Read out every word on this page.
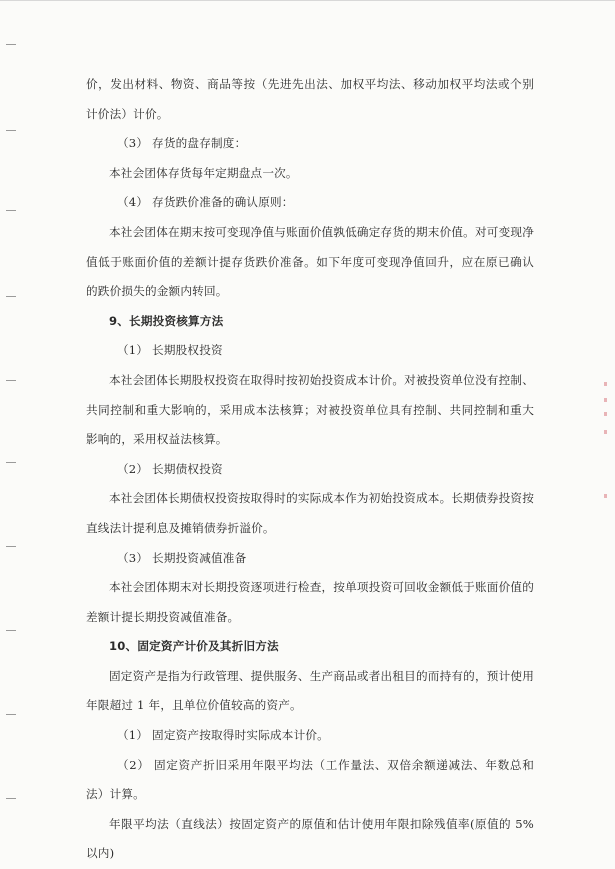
价，发出材料、物资、商品等按（先进先出法、加权平均法、移动加权平均法或个别计价法）计价。

（3） 存货的盘存制度：

本社会团体存货每年定期盘点一次。

（4） 存货跌价准备的确认原则：

本社会团体在期末按可变现净值与账面价值孰低确定存货的期末价值。对可变现净值低于账面价值的差额计提存货跌价准备。如下年度可变现净值回升，应在原已确认的跌价损失的金额内转回。

9、长期投资核算方法

（1） 长期股权投资

本社会团体长期股权投资在取得时按初始投资成本计价。对被投资单位没有控制、共同控制和重大影响的，采用成本法核算；对被投资单位具有控制、共同控制和重大影响的，采用权益法核算。

（2） 长期债权投资

本社会团体长期债权投资按取得时的实际成本作为初始投资成本。长期债券投资按直线法计提利息及摊销债券折溢价。

（3） 长期投资减值准备

本社会团体期末对长期投资逐项进行检查，按单项投资可回收金额低于账面价值的差额计提长期投资减值准备。

10、固定资产计价及其折旧方法

固定资产是指为行政管理、提供服务、生产商品或者出租目的而持有的，预计使用年限超过 1 年，且单位价值较高的资产。

（1） 固定资产按取得时实际成本计价。

（2） 固定资产折旧采用年限平均法（工作量法、双倍余额递减法、年数总和法）计算。

年限平均法（直线法）按固定资产的原值和估计使用年限扣除残值率(原值的 5%以内)
